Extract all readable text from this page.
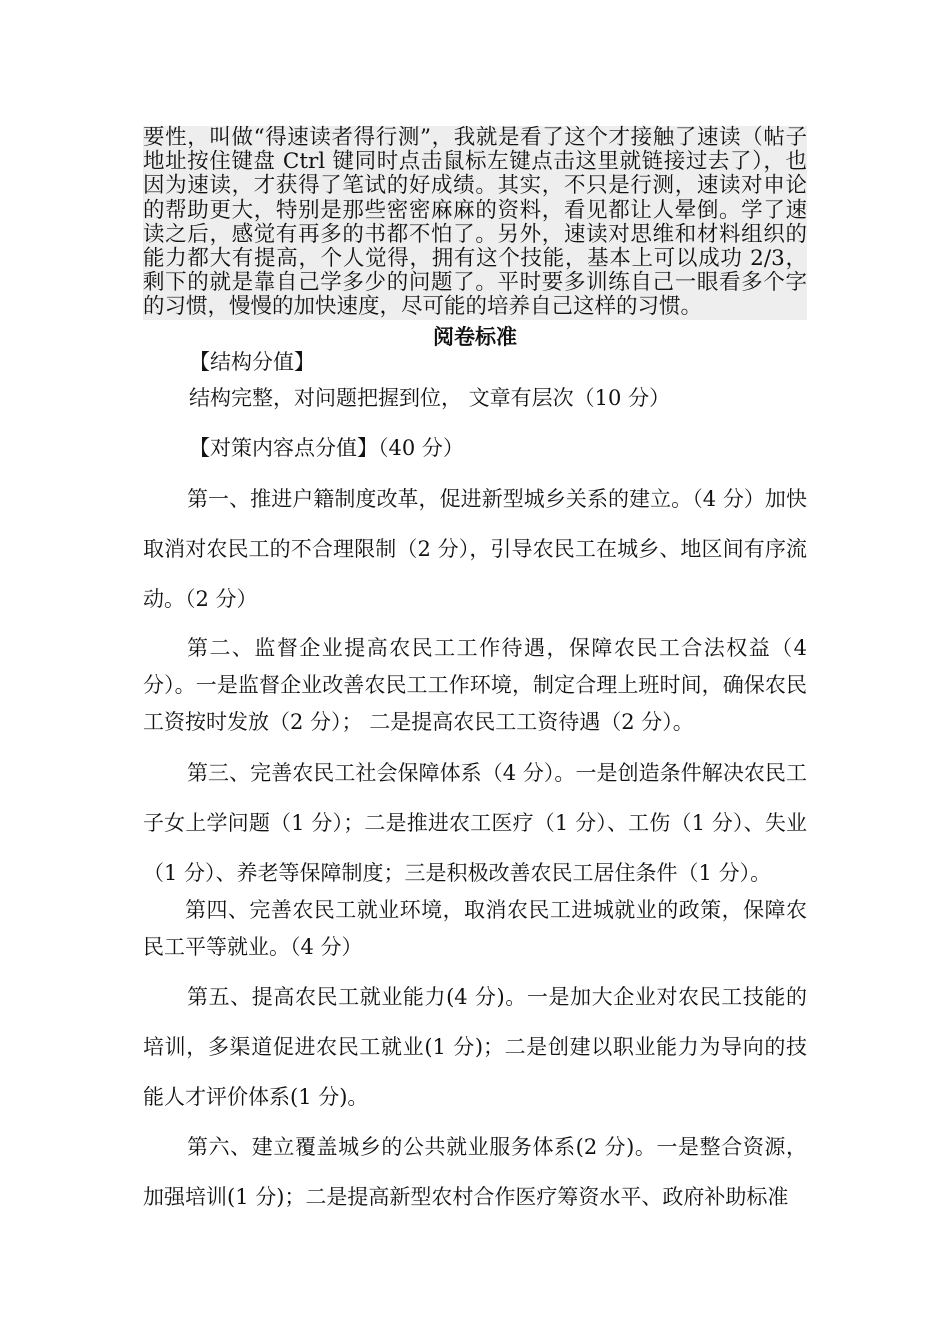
要性，叫做“得速读者得行测”，我就是看了这个才接触了速读（帖子地址按住键盘 Ctrl 键同时点击鼠标左键点击这里就链接过去了），也因为速读，才获得了笔试的好成绩。其实，不只是行测，速读对申论的帮助更大，特别是那些密密麻麻的资料，看见都让人晕倒。学了速读之后，感觉有再多的书都不怕了。另外，速读对思维和材料组织的能力都大有提高，个人觉得，拥有这个技能，基本上可以成功 2/3，剩下的就是靠自己学多少的问题了。平时要多训练自己一眼看多个字的习惯，慢慢的加快速度，尽可能的培养自己这样的习惯。

阅卷标准

【结构分值】

结构完整，对问题把握到位， 文章有层次（10 分）

【对策内容点分值】（40 分）

第一、推进户籍制度改革，促进新型城乡关系的建立。（4 分）加快取消对农民工的不合理限制（2 分），引导农民工在城乡、地区间有序流动。（2 分）

第二、监督企业提高农民工工作待遇，保障农民工合法权益（4 分）。一是监督企业改善农民工工作环境，制定合理上班时间，确保农民工资按时发放（2 分）； 二是提高农民工工资待遇（2 分）。

第三、完善农民工社会保障体系（4 分）。一是创造条件解决农民工子女上学问题（1 分）；二是推进农工医疗（1 分）、工伤（1 分）、失业（1 分）、养老等保障制度；三是积极改善农民工居住条件（1 分）。

第四、完善农民工就业环境，取消农民工进城就业的政策，保障农民工平等就业。（4 分）

第五、提高农民工就业能力(4 分)。一是加大企业对农民工技能的培训，多渠道促进农民工就业(1 分)；二是创建以职业能力为导向的技能人才评价体系(1 分)。

第六、建立覆盖城乡的公共就业服务体系(2 分)。一是整合资源，加强培训(1 分)；二是提高新型农村合作医疗筹资水平、政府补助标准
